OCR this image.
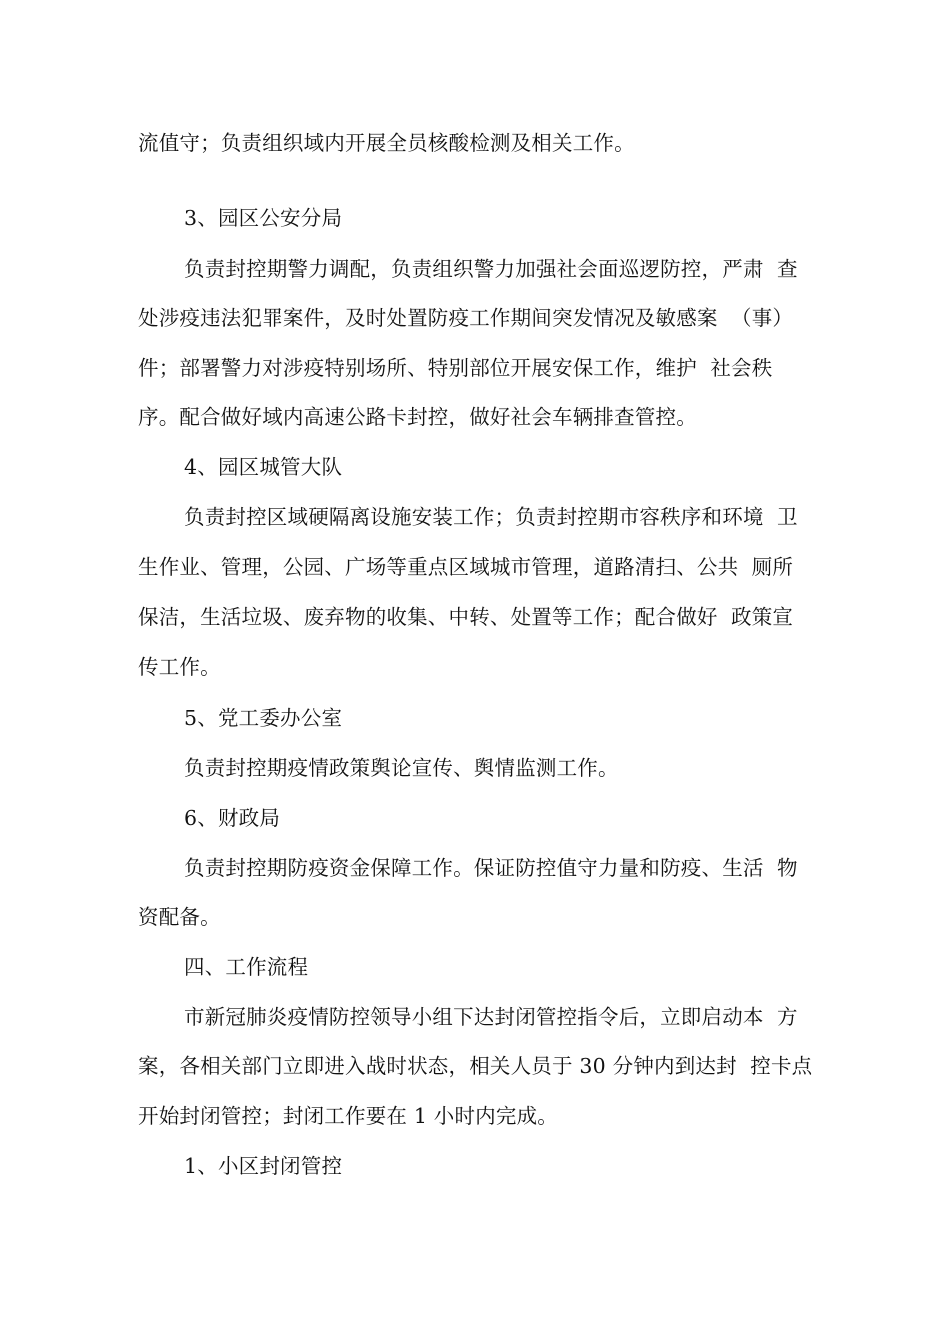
流值守；负责组织域内开展全员核酸检测及相关工作。
3、园区公安分局
负责封控期警力调配，负责组织警力加强社会面巡逻防控，严肃  查
处涉疫违法犯罪案件，及时处置防疫工作期间突发情况及敏感案  （事）
件；部署警力对涉疫特别场所、特别部位开展安保工作，维护  社会秩
序。配合做好域内高速公路卡封控，做好社会车辆排查管控。
4、园区城管大队
负责封控区域硬隔离设施安装工作；负责封控期市容秩序和环境  卫
生作业、管理，公园、广场等重点区域城市管理，道路清扫、公共  厕所
保洁，生活垃圾、废弃物的收集、中转、处置等工作；配合做好  政策宣
传工作。
5、党工委办公室
负责封控期疫情政策舆论宣传、舆情监测工作。
6、财政局
负责封控期防疫资金保障工作。保证防控值守力量和防疫、生活  物
资配备。
四、工作流程
市新冠肺炎疫情防控领导小组下达封闭管控指令后，立即启动本  方
案，各相关部门立即进入战时状态，相关人员于 30 分钟内到达封  控卡点
开始封闭管控；封闭工作要在 1 小时内完成。
1、小区封闭管控
